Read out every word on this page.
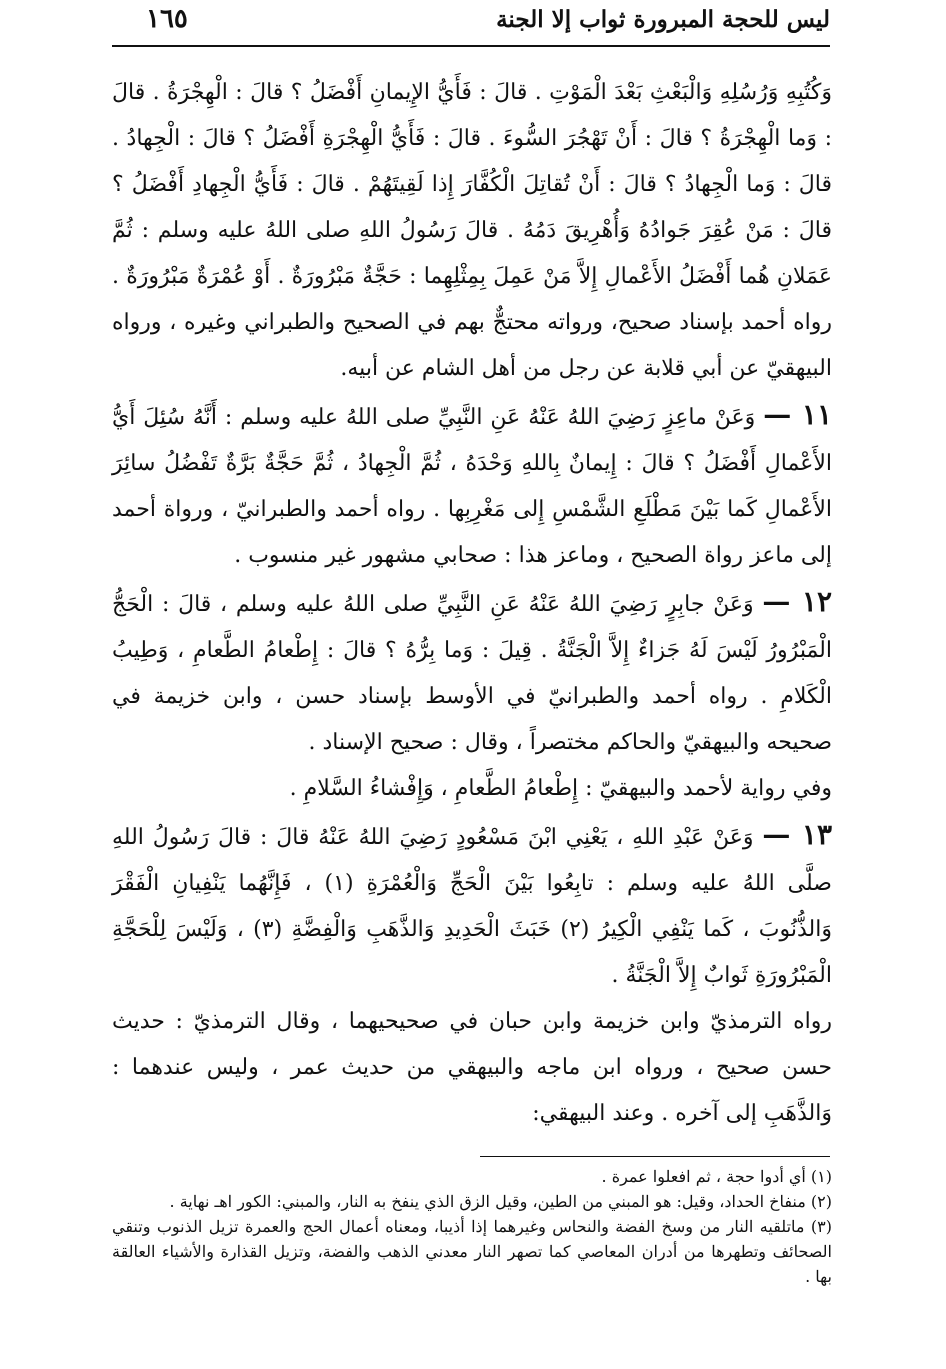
ليس للحجة المبرورة ثواب إلا الجنة
١٦٥

وَكُتُبِهِ وَرُسُلِهِ وَالْبَعْثِ بَعْدَ الْمَوْتِ . قالَ : فَأَيُّ الإِيمانِ أَفْضَلُ ؟ قالَ : الْهِجْرَةُ . قالَ : وَما الْهِجْرَةُ ؟ قالَ : أَنْ تَهْجُرَ السُّوءَ . قالَ : فَأَيُّ الْهِجْرَةِ أَفْضَلُ ؟ قالَ : الْجِهادُ . قالَ : وَما الْجِهادُ ؟ قالَ : أَنْ تُقاتِلَ الْكُفَّارَ إِذا لَقِيتَهُمْ . قالَ : فَأَيُّ الْجِهادِ أَفْضَلُ ؟ قالَ : مَنْ عُقِرَ جَوادُهُ وَأُهْرِيقَ دَمُهُ . قالَ رَسُولُ اللهِ صلى اللهُ عليه وسلم : ثُمَّ عَمَلانِ هُما أَفْضَلُ الأَعْمالِ إِلاَّ مَنْ عَمِلَ بِمِثْلِهِما : حَجَّةٌ مَبْرُورَةٌ . أَوْ عُمْرَةٌ مَبْرُورَةٌ . رواه أحمد بإسناد صحيح، ورواته محتجٌّ بهم في الصحيح والطبراني وغيره ، ورواه البيهقيّ عن أبي قلابة عن رجل من أهل الشام عن أبيه.

١١ — وَعَنْ ماعِزٍ رَضِيَ اللهُ عَنْهُ عَنِ النَّبِيِّ صلى اللهُ عليه وسلم : أَنَّهُ سُئِلَ أَيُّ الأَعْمالِ أَفْضَلُ ؟ قالَ : إِيمانٌ بِاللهِ وَحْدَهُ ، ثُمَّ الْجِهادُ ، ثُمَّ حَجَّةٌ بَرَّةٌ تَفْضُلُ سائِرَ الأَعْمالِ كَما بَيْنَ مَطْلَعِ الشَّمْسِ إِلى مَغْرِبِها . رواه أحمد والطبرانيّ ، ورواة أحمد إلى ماعز رواة الصحيح ، وماعز هذا : صحابي مشهور غير منسوب .

١٢ — وَعَنْ جابِرٍ رَضِيَ اللهُ عَنْهُ عَنِ النَّبِيِّ صلى اللهُ عليه وسلم ، قالَ : الْحَجُّ الْمَبْرُورُ لَيْسَ لَهُ جَزاءٌ إِلاَّ الْجَنَّةُ . قِيلَ : وَما بِرُّهُ ؟ قالَ : إِطْعامُ الطَّعامِ ، وَطِيبُ الْكَلامِ . رواه أحمد والطبرانيّ في الأوسط بإسناد حسن ، وابن خزيمة في صحيحه والبيهقيّ والحاكم مختصراً ، وقال : صحيح الإسناد .

وفي رواية لأحمد والبيهقيّ : إِطْعامُ الطَّعامِ ، وَإِفْشاءُ السَّلامِ .

١٣ — وَعَنْ عَبْدِ اللهِ ، يَعْنِي ابْنَ مَسْعُودٍ رَضِيَ اللهُ عَنْهُ قالَ : قالَ رَسُولُ اللهِ صلَّى اللهُ عليه وسلم : تابِعُوا بَيْنَ الْحَجِّ وَالْعُمْرَةِ (١) ، فَإِنَّهُما يَنْفِيانِ الْفَقْرَ وَالذُّنُوبَ ، كَما يَنْفِي الْكِيرُ (٢) خَبَثَ الْحَدِيدِ وَالذَّهَبِ وَالْفِضَّةِ (٣) ، وَلَيْسَ لِلْحَجَّةِ الْمَبْرُورَةِ ثَوابٌ إِلاَّ الْجَنَّةُ .

رواه الترمذيّ وابن خزيمة وابن حبان في صحيحيهما ، وقال الترمذيّ : حديث حسن صحيح ، ورواه ابن ماجه والبيهقي من حديث عمر ، وليس عندهما : وَالذَّهَبِ إلى آخره . وعند البيهقي:

(١) أي أدوا حجة ، ثم افعلوا عمرة .

(٢) منفاخ الحداد، وقيل: هو المبني من الطين، وقيل الزق الذي ينفخ به النار، والمبني: الكور اهـ نهاية .

(٣) ماتلقيه النار من وسخ الفضة والنحاس وغيرهما إذا أذيبا، ومعناه أعمال الحج والعمرة تزيل الذنوب وتنقي الصحائف وتطهرها من أدران المعاصي كما تصهر النار معدني الذهب والفضة، وتزيل القذارة والأشياء العالقة بها .
